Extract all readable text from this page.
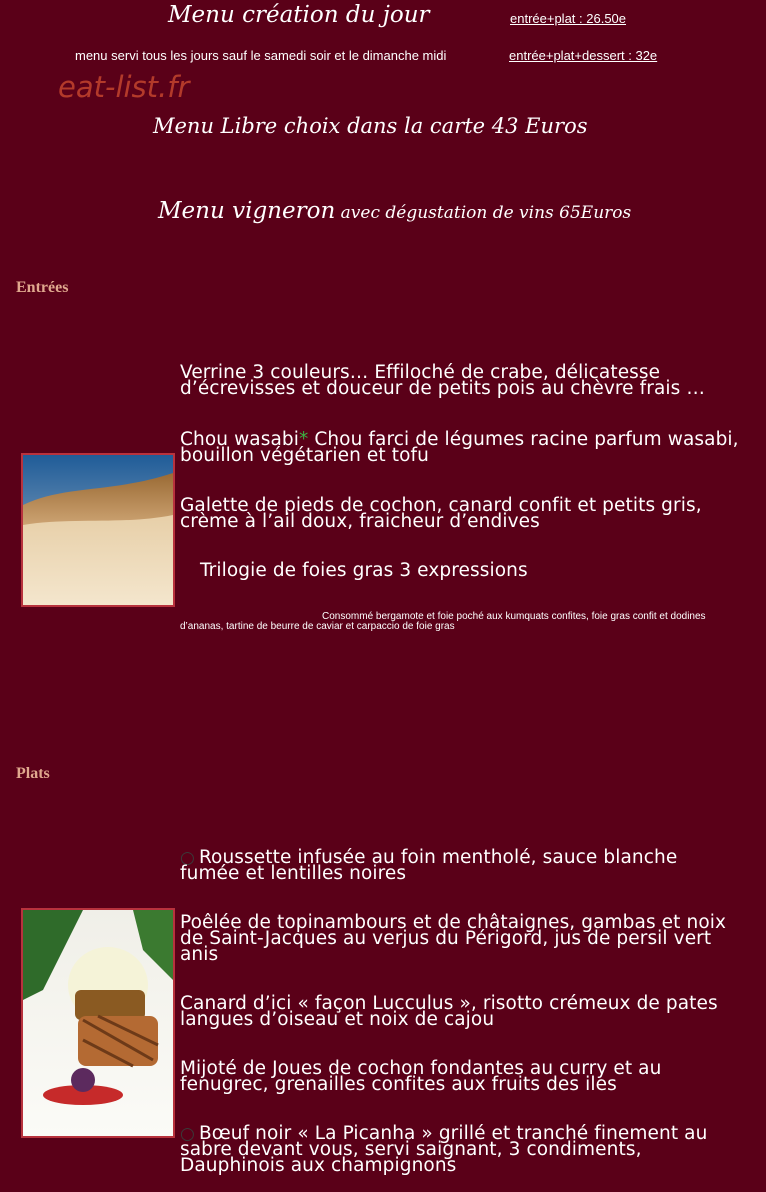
Menu création du jour	entrée+plat : 26.50e
menu servi tous les jours sauf le samedi soir et le dimanche midi	entrée+plat+dessert : 32e
eat-list.fr
Menu Libre choix dans la carte 43 Euros
Menu vigneron avec dégustation de vins 65Euros
Entrées
Verrine 3 couleurs… Effiloché de crabe, délicatesse d’écrevisses et douceur de petits pois au chèvre frais …
Chou wasabi* Chou farci de légumes racine parfum wasabi, bouillon végétarien et tofu
Galette de pieds de cochon, canard confit et petits gris, crème à l’ail doux, fraicheur d’endives
Trilogie de foies gras 3 expressions
Consommé bergamote et foie poché aux kumquats confites, foie gras confit et dodines d’ananas, tartine de beurre de caviar et carpaccio de foie gras
Plats
○ Roussette infusée au foin mentholé, sauce blanche fumée et lentilles noires
Poêlée de topinambours et de châtaignes, gambas et noix de Saint-Jacques au verjus du Périgord, jus de persil vert anis
Canard d’ici « façon Lucculus », risotto crémeux de pates langues d’oiseau et noix de cajou
Mijoté de Joues de cochon fondantes au curry et au fenugrec, grenailles confites aux fruits des iles
○ Bœuf noir « La Picanha » grillé et tranché finement au sabre devant vous, servi saignant, 3 condiments, Dauphinois aux champignons
